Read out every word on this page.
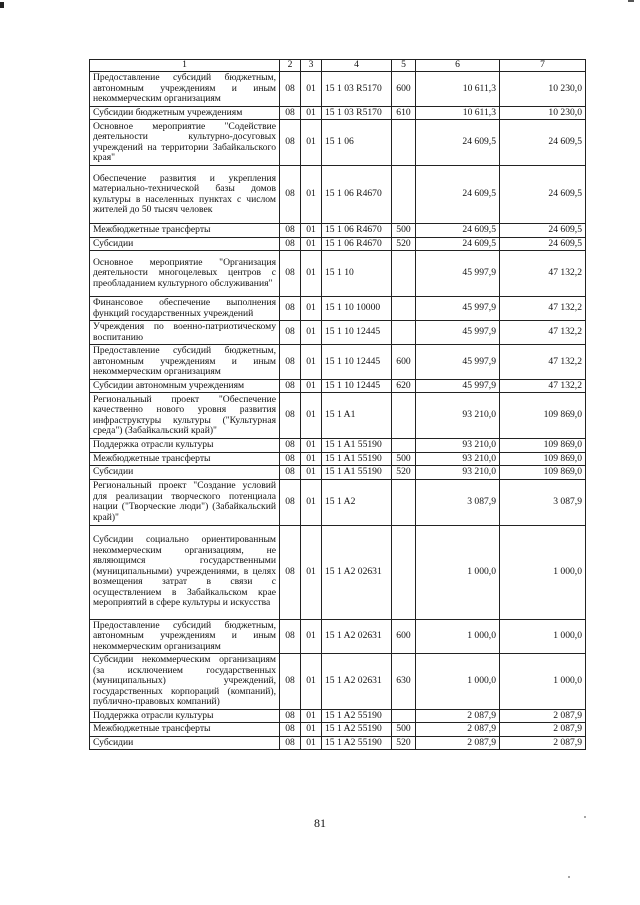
1	2	3	4	5	6	7
Предоставление субсидий бюджетным, автономным учреждениям и иным некоммерческим организациям	08	01	15 1 03 R5170	600	10 611,3	10 230,0
Субсидии бюджетным учреждениям	08	01	15 1 03 R5170	610	10 611,3	10 230,0
Основное мероприятие "Содействие деятельности культурно-досуговых учреждений на территории Забайкальского края"	08	01	15 1 06		24 609,5	24 609,5
Обеспечение развития и укрепления материально-технической базы домов культуры в населенных пунктах с числом жителей до 50 тысяч человек	08	01	15 1 06 R4670		24 609,5	24 609,5
Межбюджетные трансферты	08	01	15 1 06 R4670	500	24 609,5	24 609,5
Субсидии	08	01	15 1 06 R4670	520	24 609,5	24 609,5
Основное мероприятие "Организация деятельности многоцелевых центров с преобладанием культурного обслуживания"	08	01	15 1 10		45 997,9	47 132,2
Финансовое обеспечение выполнения функций государственных учреждений	08	01	15 1 10 10000		45 997,9	47 132,2
Учреждения по военно-патриотическому воспитанию	08	01	15 1 10 12445		45 997,9	47 132,2
Предоставление субсидий бюджетным, автономным учреждениям и иным некоммерческим организациям	08	01	15 1 10 12445	600	45 997,9	47 132,2
Субсидии автономным учреждениям	08	01	15 1 10 12445	620	45 997,9	47 132,2
Региональный проект "Обеспечение качественно нового уровня развития инфраструктуры культуры ("Культурная среда") (Забайкальский край)"	08	01	15 1 A1		93 210,0	109 869,0
Поддержка отрасли культуры	08	01	15 1 A1 55190		93 210,0	109 869,0
Межбюджетные трансферты	08	01	15 1 A1 55190	500	93 210,0	109 869,0
Субсидии	08	01	15 1 A1 55190	520	93 210,0	109 869,0
Региональный проект "Создание условий для реализации творческого потенциала нации ("Творческие люди") (Забайкальский край)"	08	01	15 1 A2		3 087,9	3 087,9
Субсидии социально ориентированным некоммерческим организациям, не являющимся государственными (муниципальными) учреждениями, в целях возмещения затрат в связи с осуществлением в Забайкальском крае мероприятий в сфере культуры и искусства	08	01	15 1 A2 02631		1 000,0	1 000,0
Предоставление субсидий бюджетным, автономным учреждениям и иным некоммерческим организациям	08	01	15 1 A2 02631	600	1 000,0	1 000,0
Субсидии некоммерческим организациям (за исключением государственных (муниципальных) учреждений, государственных корпораций (компаний), публично-правовых компаний)	08	01	15 1 A2 02631	630	1 000,0	1 000,0
Поддержка отрасли культуры	08	01	15 1 A2 55190		2 087,9	2 087,9
Межбюджетные трансферты	08	01	15 1 A2 55190	500	2 087,9	2 087,9
Субсидии	08	01	15 1 A2 55190	520	2 087,9	2 087,9
81
